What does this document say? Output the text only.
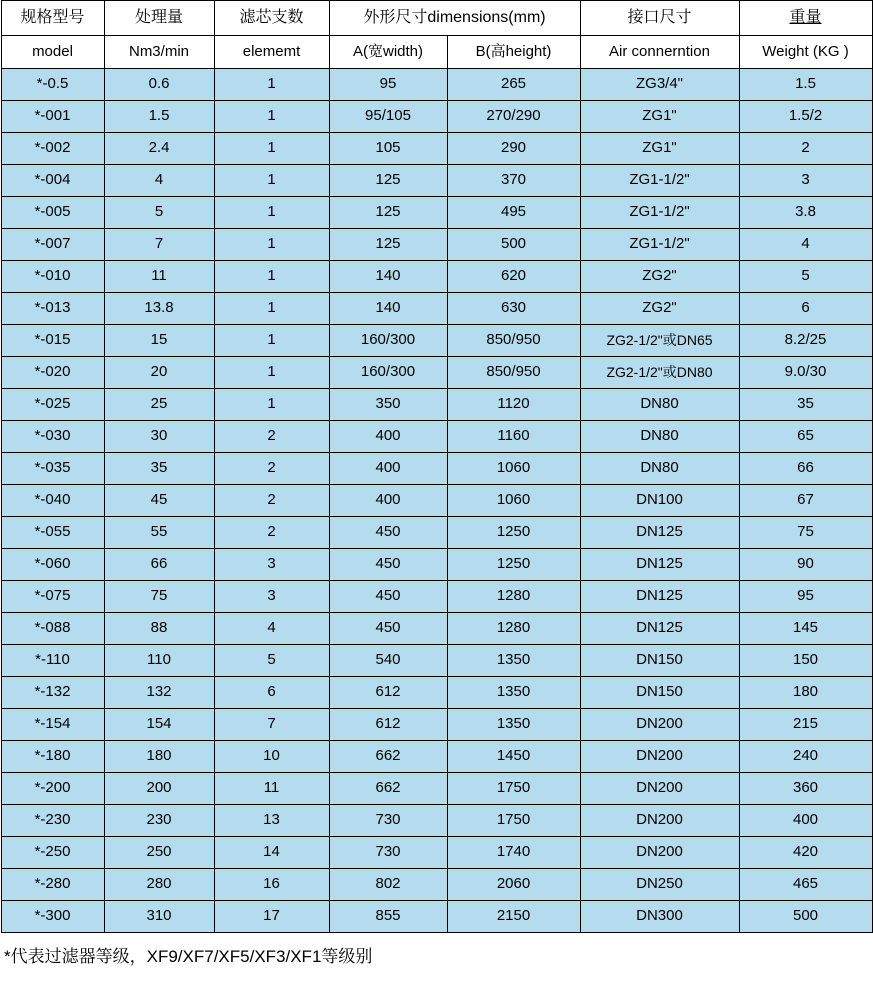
规格型号	处理量	滤芯支数	外形尺寸dimensions(mm)		接口尺寸	重量
model	Nm3/min	elememt	A(宽width)	B(高height)	Air connerntion	Weight (KG )
*-0.5	0.6	1	95	265	ZG3/4"	1.5
*-001	1.5	1	95/105	270/290	ZG1"	1.5/2
*-002	2.4	1	105	290	ZG1"	2
*-004	4	1	125	370	ZG1-1/2"	3
*-005	5	1	125	495	ZG1-1/2"	3.8
*-007	7	1	125	500	ZG1-1/2"	4
*-010	11	1	140	620	ZG2"	5
*-013	13.8	1	140	630	ZG2"	6
*-015	15	1	160/300	850/950	ZG2-1/2"或DN65	8.2/25
*-020	20	1	160/300	850/950	ZG2-1/2"或DN80	9.0/30
*-025	25	1	350	1120	DN80	35
*-030	30	2	400	1160	DN80	65
*-035	35	2	400	1060	DN80	66
*-040	45	2	400	1060	DN100	67
*-055	55	2	450	1250	DN125	75
*-060	66	3	450	1250	DN125	90
*-075	75	3	450	1280	DN125	95
*-088	88	4	450	1280	DN125	145
*-110	110	5	540	1350	DN150	150
*-132	132	6	612	1350	DN150	180
*-154	154	7	612	1350	DN200	215
*-180	180	10	662	1450	DN200	240
*-200	200	11	662	1750	DN200	360
*-230	230	13	730	1750	DN200	400
*-250	250	14	730	1740	DN200	420
*-280	280	16	802	2060	DN250	465
*-300	310	17	855	2150	DN300	500
*代表过滤器等级，XF9/XF7/XF5/XF3/XF1等级别
